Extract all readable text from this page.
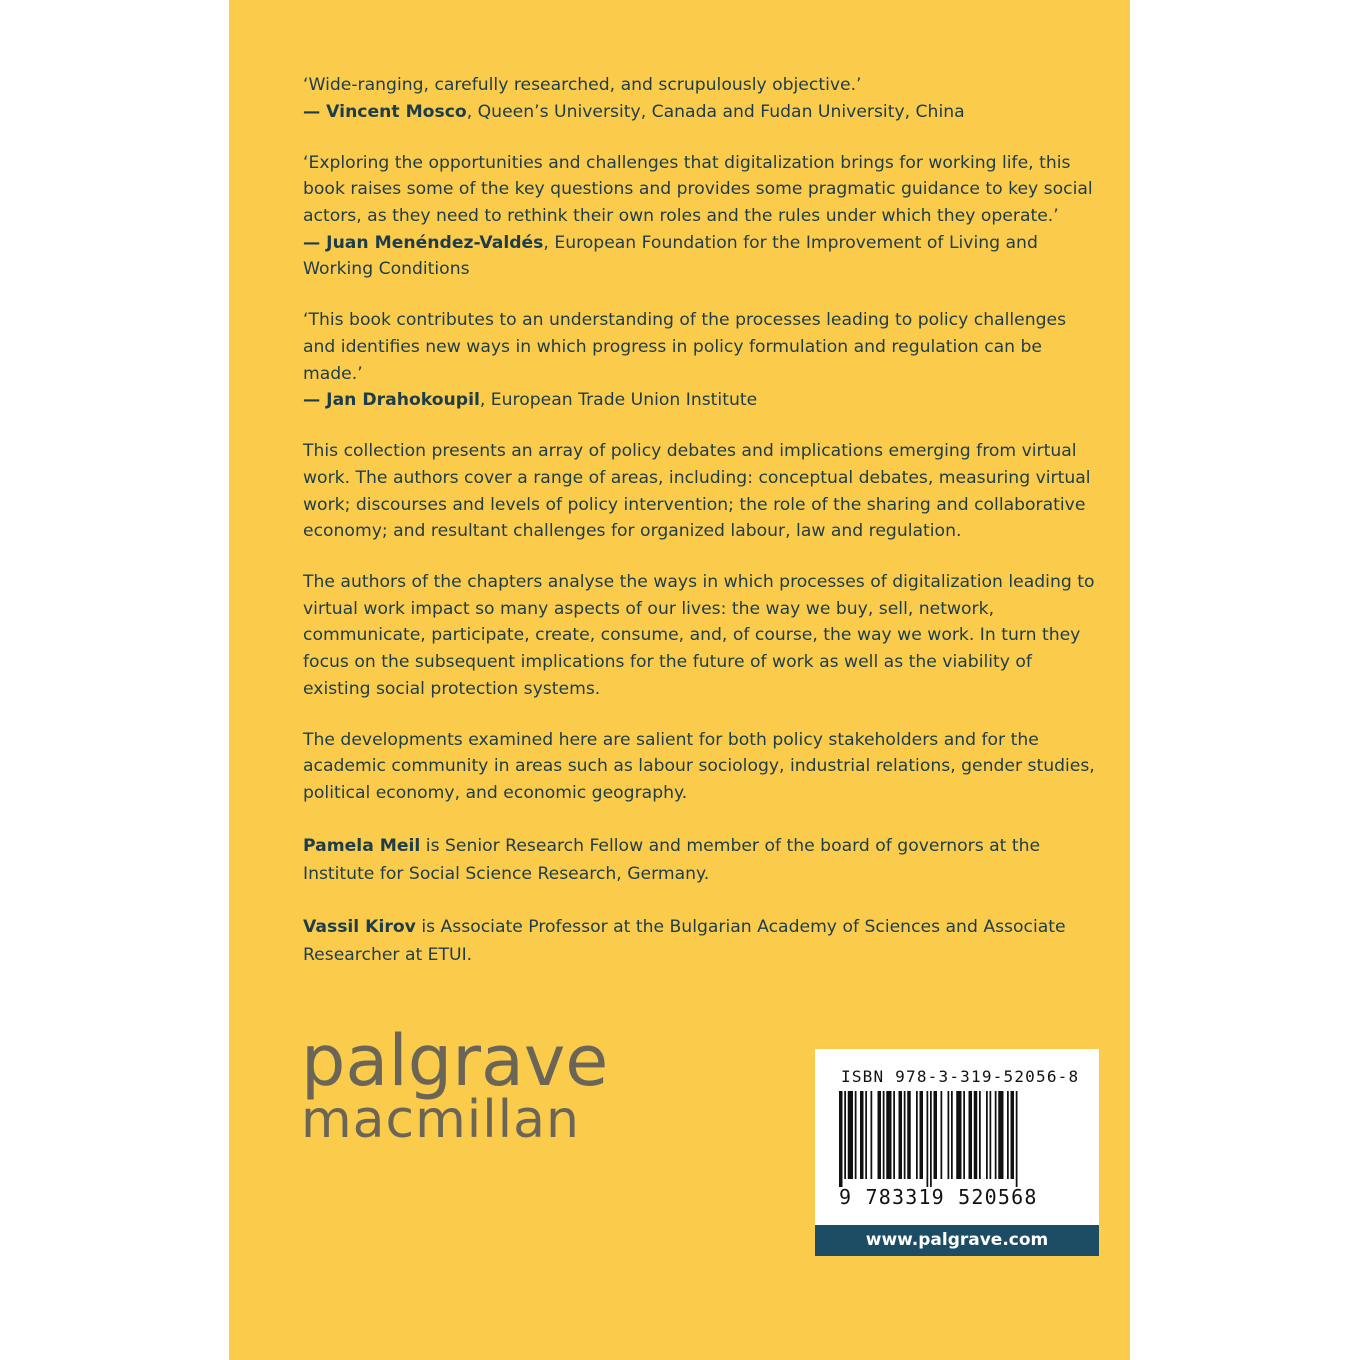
‘Wide-ranging, carefully researched, and scrupulously objective.’
— Vincent Mosco, Queen’s University, Canada and Fudan University, China

‘Exploring the opportunities and challenges that digitalization brings for working life, this book raises some of the key questions and provides some pragmatic guidance to key social actors, as they need to rethink their own roles and the rules under which they operate.’
— Juan Menéndez-Valdés, European Foundation for the Improvement of Living and Working Conditions

‘This book contributes to an understanding of the processes leading to policy challenges and identifies new ways in which progress in policy formulation and regulation can be made.’
— Jan Drahokoupil, European Trade Union Institute

This collection presents an array of policy debates and implications emerging from virtual work. The authors cover a range of areas, including: conceptual debates, measuring virtual work; discourses and levels of policy intervention; the role of the sharing and collaborative economy; and resultant challenges for organized labour, law and regulation.

The authors of the chapters analyse the ways in which processes of digitalization leading to virtual work impact so many aspects of our lives: the way we buy, sell, network, communicate, participate, create, consume, and, of course, the way we work. In turn they focus on the subsequent implications for the future of work as well as the viability of existing social protection systems.

The developments examined here are salient for both policy stakeholders and for the academic community in areas such as labour sociology, industrial relations, gender studies, political economy, and economic geography.

Pamela Meil is Senior Research Fellow and member of the board of governors at the Institute for Social Science Research, Germany.

Vassil Kirov is Associate Professor at the Bulgarian Academy of Sciences and Associate Researcher at ETUI.

palgrave
macmillan
ISBN 978-3-319-52056-8
9 783319 520568
www.palgrave.com
